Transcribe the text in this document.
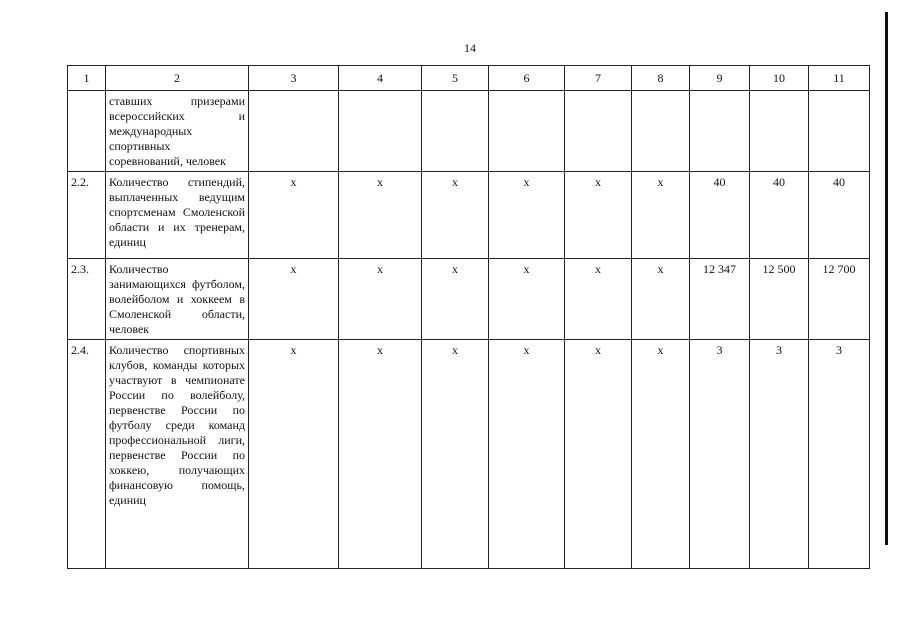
14
1	2	3	4	5	6	7	8	9	10	11
	ставших призерами всероссийских и международных спортивных соревнований, человек									
2.2.	Количество стипендий, выплаченных ведущим спортсменам Смоленской области и их тренерам, единиц	х	х	х	х	х	х	40	40	40
2.3.	Количество занимающихся футболом, волейболом и хоккеем в Смоленской области, человек	х	х	х	х	х	х	12 347	12 500	12 700
2.4.	Количество спортивных клубов, команды которых участвуют в чемпионате России по волейболу, первенстве России по футболу среди команд профессиональной лиги, первенстве России по хоккею, получающих финансовую помощь, единиц	х	х	х	х	х	х	3	3	3
